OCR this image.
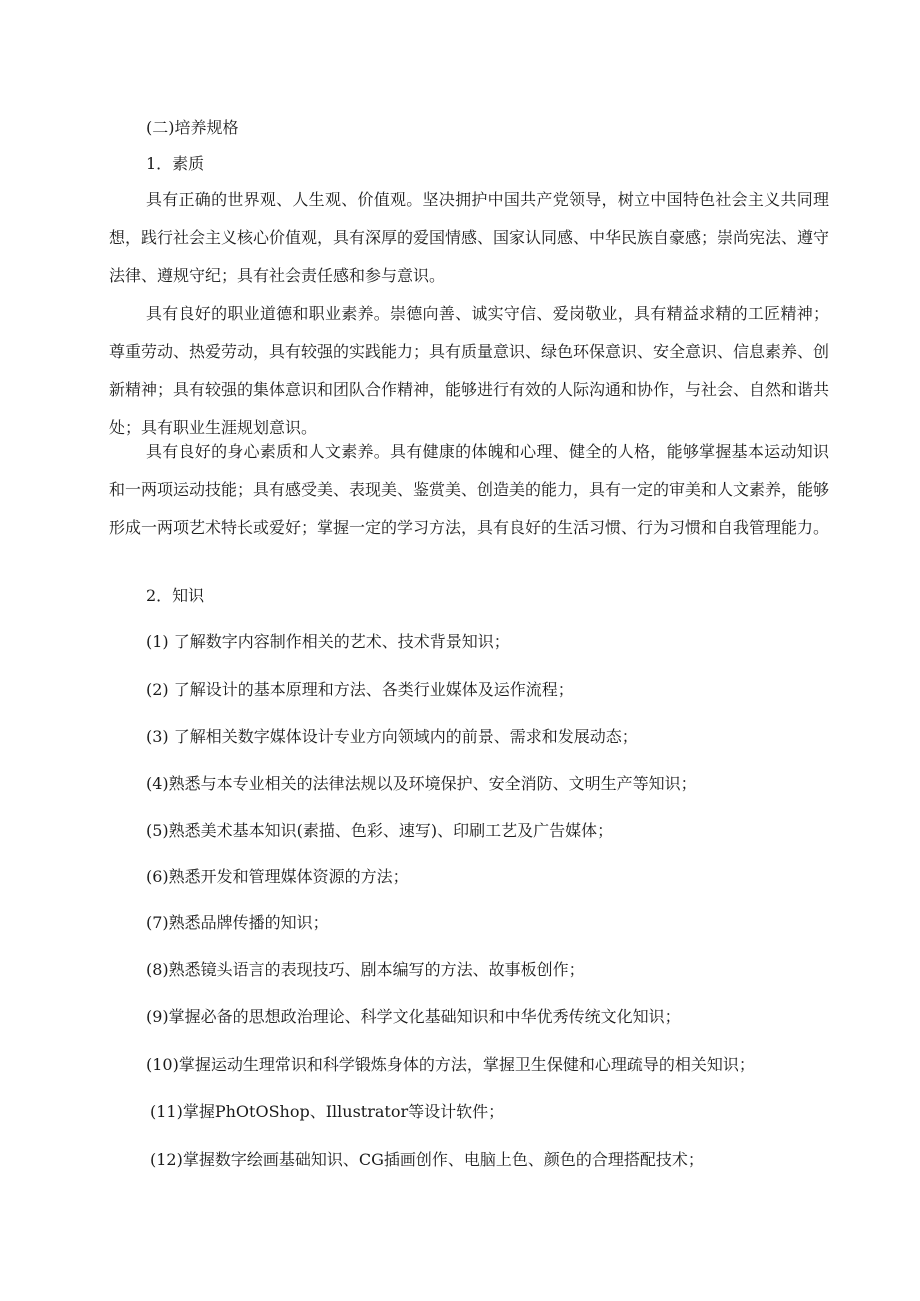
(二)培养规格
1．素质
具有正确的世界观、人生观、价值观。坚决拥护中国共产党领导，树立中国特色社会主义共同理想，践行社会主义核心价值观，具有深厚的爱国情感、国家认同感、中华民族自豪感；崇尚宪法、遵守法律、遵规守纪；具有社会责任感和参与意识。
具有良好的职业道德和职业素养。崇德向善、诚实守信、爱岗敬业，具有精益求精的工匠精神；尊重劳动、热爱劳动，具有较强的实践能力；具有质量意识、绿色环保意识、安全意识、信息素养、创新精神；具有较强的集体意识和团队合作精神，能够进行有效的人际沟通和协作，与社会、自然和谐共处；具有职业生涯规划意识。
具有良好的身心素质和人文素养。具有健康的体魄和心理、健全的人格，能够掌握基本运动知识和一两项运动技能；具有感受美、表现美、鉴赏美、创造美的能力，具有一定的审美和人文素养，能够形成一两项艺术特长或爱好；掌握一定的学习方法，具有良好的生活习惯、行为习惯和自我管理能力。
2．知识
(1) 了解数字内容制作相关的艺术、技术背景知识；
(2) 了解设计的基本原理和方法、各类行业媒体及运作流程；
(3) 了解相关数字媒体设计专业方向领域内的前景、需求和发展动态；
(4)熟悉与本专业相关的法律法规以及环境保护、安全消防、文明生产等知识；
(5)熟悉美术基本知识(素描、色彩、速写)、印刷工艺及广告媒体；
(6)熟悉开发和管理媒体资源的方法；
(7)熟悉品牌传播的知识；
(8)熟悉镜头语言的表现技巧、剧本编写的方法、故事板创作；
(9)掌握必备的思想政治理论、科学文化基础知识和中华优秀传统文化知识；
(10)掌握运动生理常识和科学锻炼身体的方法，掌握卫生保健和心理疏导的相关知识；
(11)掌握PhOtOShop、Illustrator等设计软件；
(12)掌握数字绘画基础知识、CG插画创作、电脑上色、颜色的合理搭配技术；
